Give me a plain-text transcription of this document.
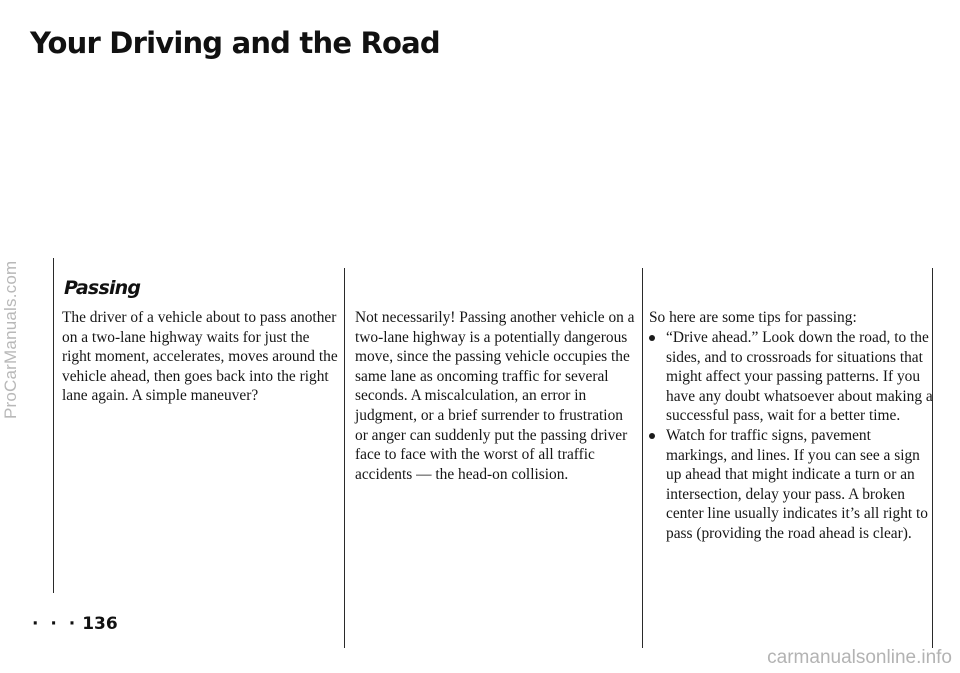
ProCarManuals.com
Your Driving and the Road
Passing

The driver of a vehicle about to pass another on a two-lane highway waits for just the right moment, accelerates, moves around the vehicle ahead, then goes back into the right lane again. A simple maneuver?

Not necessarily! Passing another vehicle on a two-lane highway is a potentially dangerous move, since the passing vehicle occupies the same lane as oncoming traffic for several seconds. A miscalculation, an error in judgment, or a brief surrender to frustration or anger can suddenly put the passing driver face to face with the worst of all traffic accidents — the head-on collision.

So here are some tips for passing:

“Drive ahead.” Look down the road, to the sides, and to crossroads for situations that might affect your passing patterns. If you have any doubt whatsoever about making a successful pass, wait for a better time.
Watch for traffic signs, pavement markings, and lines. If you can see a sign up ahead that might indicate a turn or an intersection, delay your pass. A broken center line usually indicates it’s all right to pass (providing the road ahead is clear).
· · · 136
carmanualsonline.info
